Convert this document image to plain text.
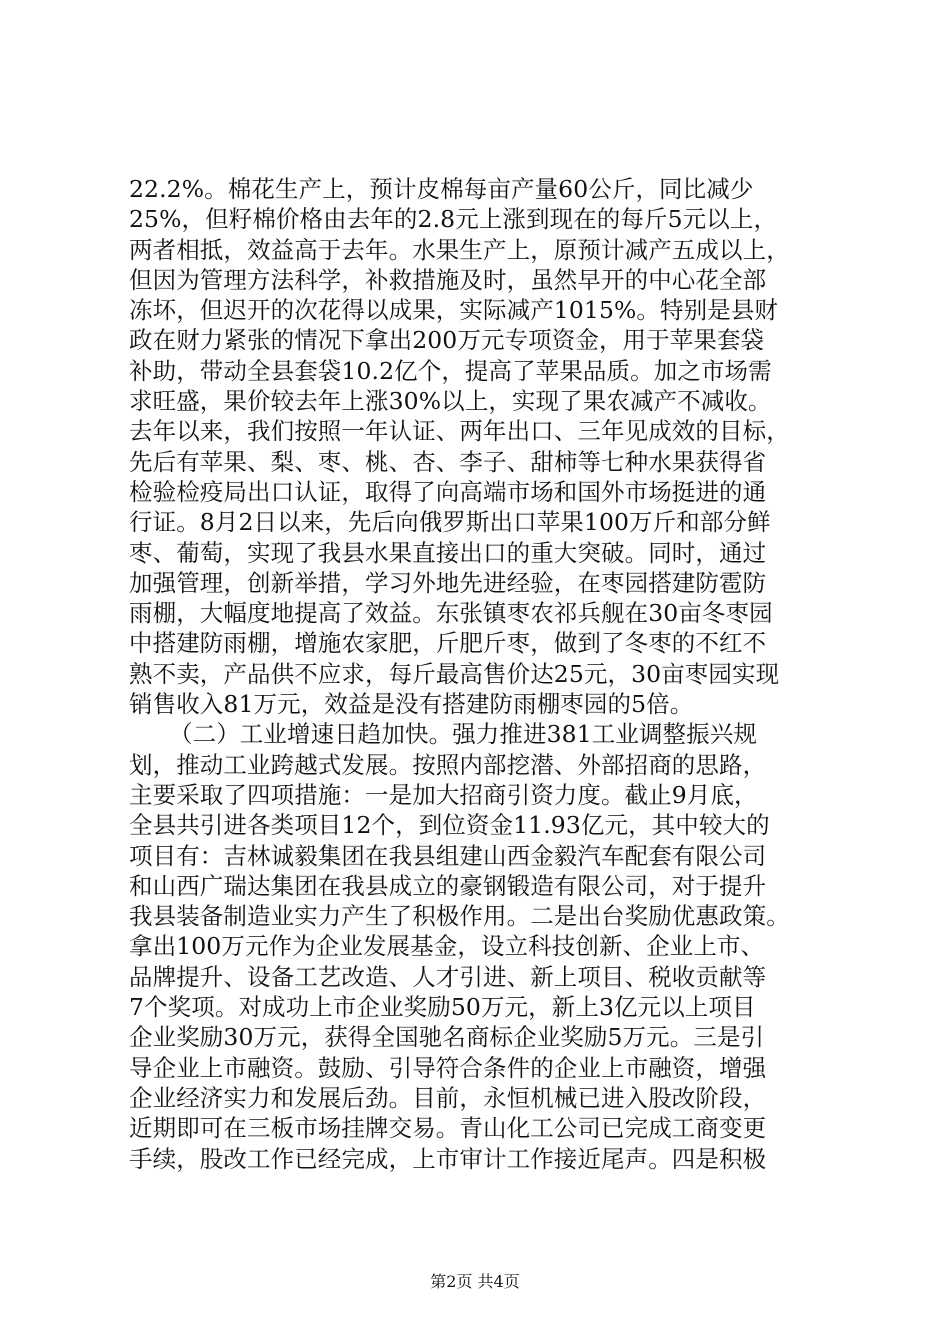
22.2%。棉花生产上，预计皮棉每亩产量60公斤，同比减少
25%，但籽棉价格由去年的2.8元上涨到现在的每斤5元以上，
两者相抵，效益高于去年。水果生产上，原预计减产五成以上，
但因为管理方法科学，补救措施及时，虽然早开的中心花全部
冻坏，但迟开的次花得以成果，实际减产1015%。特别是县财
政在财力紧张的情况下拿出200万元专项资金，用于苹果套袋
补助，带动全县套袋10.2亿个，提高了苹果品质。加之市场需
求旺盛，果价较去年上涨30%以上，实现了果农减产不减收。
去年以来，我们按照一年认证、两年出口、三年见成效的目标，
先后有苹果、梨、枣、桃、杏、李子、甜柿等七种水果获得省
检验检疫局出口认证，取得了向高端市场和国外市场挺进的通
行证。8月2日以来，先后向俄罗斯出口苹果100万斤和部分鲜
枣、葡萄，实现了我县水果直接出口的重大突破。同时，通过
加强管理，创新举措，学习外地先进经验，在枣园搭建防雹防
雨棚，大幅度地提高了效益。东张镇枣农祁兵舰在30亩冬枣园
中搭建防雨棚，增施农家肥，斤肥斤枣，做到了冬枣的不红不
熟不卖，产品供不应求，每斤最高售价达25元，30亩枣园实现
销售收入81万元，效益是没有搭建防雨棚枣园的5倍。
（二）工业增速日趋加快。强力推进381工业调整振兴规
划，推动工业跨越式发展。按照内部挖潜、外部招商的思路，
主要采取了四项措施：一是加大招商引资力度。截止9月底，
全县共引进各类项目12个，到位资金11.93亿元，其中较大的
项目有：吉林诚毅集团在我县组建山西金毅汽车配套有限公司
和山西广瑞达集团在我县成立的豪钢锻造有限公司，对于提升
我县装备制造业实力产生了积极作用。二是出台奖励优惠政策。
拿出100万元作为企业发展基金，设立科技创新、企业上市、
品牌提升、设备工艺改造、人才引进、新上项目、税收贡献等
7个奖项。对成功上市企业奖励50万元，新上3亿元以上项目
企业奖励30万元，获得全国驰名商标企业奖励5万元。三是引
导企业上市融资。鼓励、引导符合条件的企业上市融资，增强
企业经济实力和发展后劲。目前，永恒机械已进入股改阶段，
近期即可在三板市场挂牌交易。青山化工公司已完成工商变更
手续，股改工作已经完成，上市审计工作接近尾声。四是积极
第2页 共4页
